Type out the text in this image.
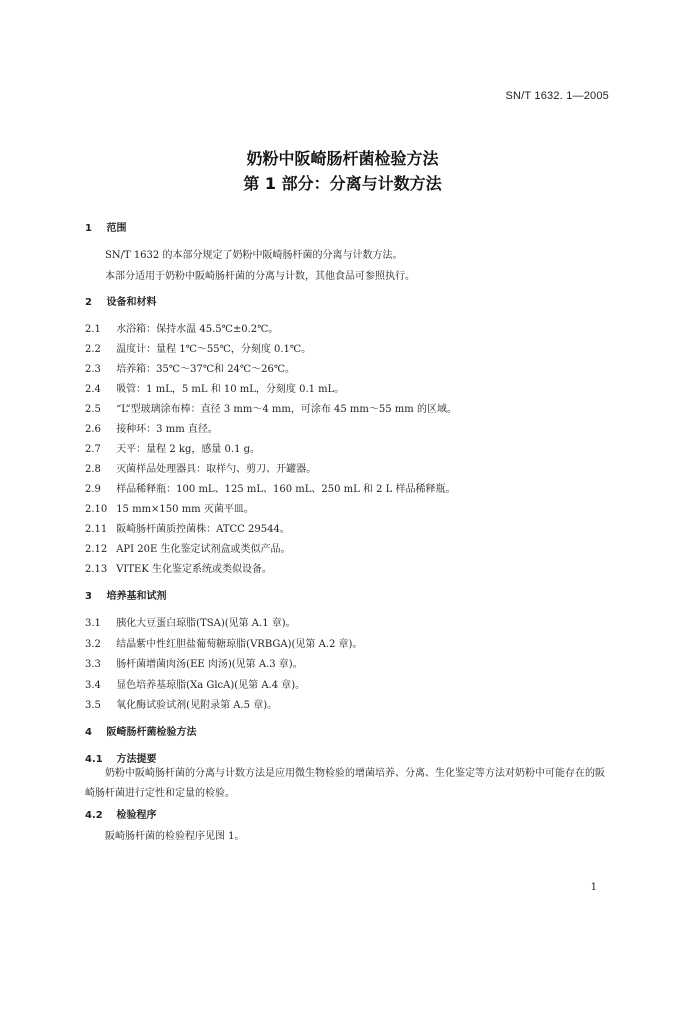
SN/T 1632. 1—2005
奶粉中阪崎肠杆菌检验方法
第 1 部分：分离与计数方法
1 范围
SN/T 1632 的本部分规定了奶粉中阪崎肠杆菌的分离与计数方法。
本部分适用于奶粉中阪崎肠杆菌的分离与计数，其他食品可参照执行。
2 设备和材料
2.1 水浴箱：保持水温 45.5℃±0.2℃。
2.2 温度计：量程 1℃～55℃，分刻度 0.1℃。
2.3 培养箱：35℃～37℃和 24℃～26℃。
2.4 吸管：1 mL，5 mL 和 10 mL，分刻度 0.1 mL。
2.5 “L”型玻璃涂布棒：直径 3 mm～4 mm，可涂布 45 mm～55 mm 的区域。
2.6 接种环：3 mm 直径。
2.7 天平：量程 2 kg，感量 0.1 g。
2.8 灭菌样品处理器具：取样勺、剪刀、开罐器。
2.9 样品稀释瓶：100 mL、125 mL、160 mL、250 mL 和 2 L 样品稀释瓶。
2.10 15 mm×150 mm 灭菌平皿。
2.11 阪崎肠杆菌质控菌株：ATCC 29544。
2.12 API 20E 生化鉴定试剂盒或类似产品。
2.13 VITEK 生化鉴定系统或类似设备。
3 培养基和试剂
3.1 胰化大豆蛋白琼脂(TSA)(见第 A.1 章)。
3.2 结晶紫中性红胆盐葡萄糖琼脂(VRBGA)(见第 A.2 章)。
3.3 肠杆菌增菌肉汤(EE 肉汤)(见第 A.3 章)。
3.4 显色培养基琼脂(Xa GlcA)(见第 A.4 章)。
3.5 氧化酶试验试剂(见附录第 A.5 章)。
4 阪崎肠杆菌检验方法
4.1 方法提要
奶粉中阪崎肠杆菌的分离与计数方法是应用微生物检验的增菌培养、分离、生化鉴定等方法对奶粉中可能存在的阪崎肠杆菌进行定性和定量的检验。
4.2 检验程序
阪崎肠杆菌的检验程序见图 1。
1
